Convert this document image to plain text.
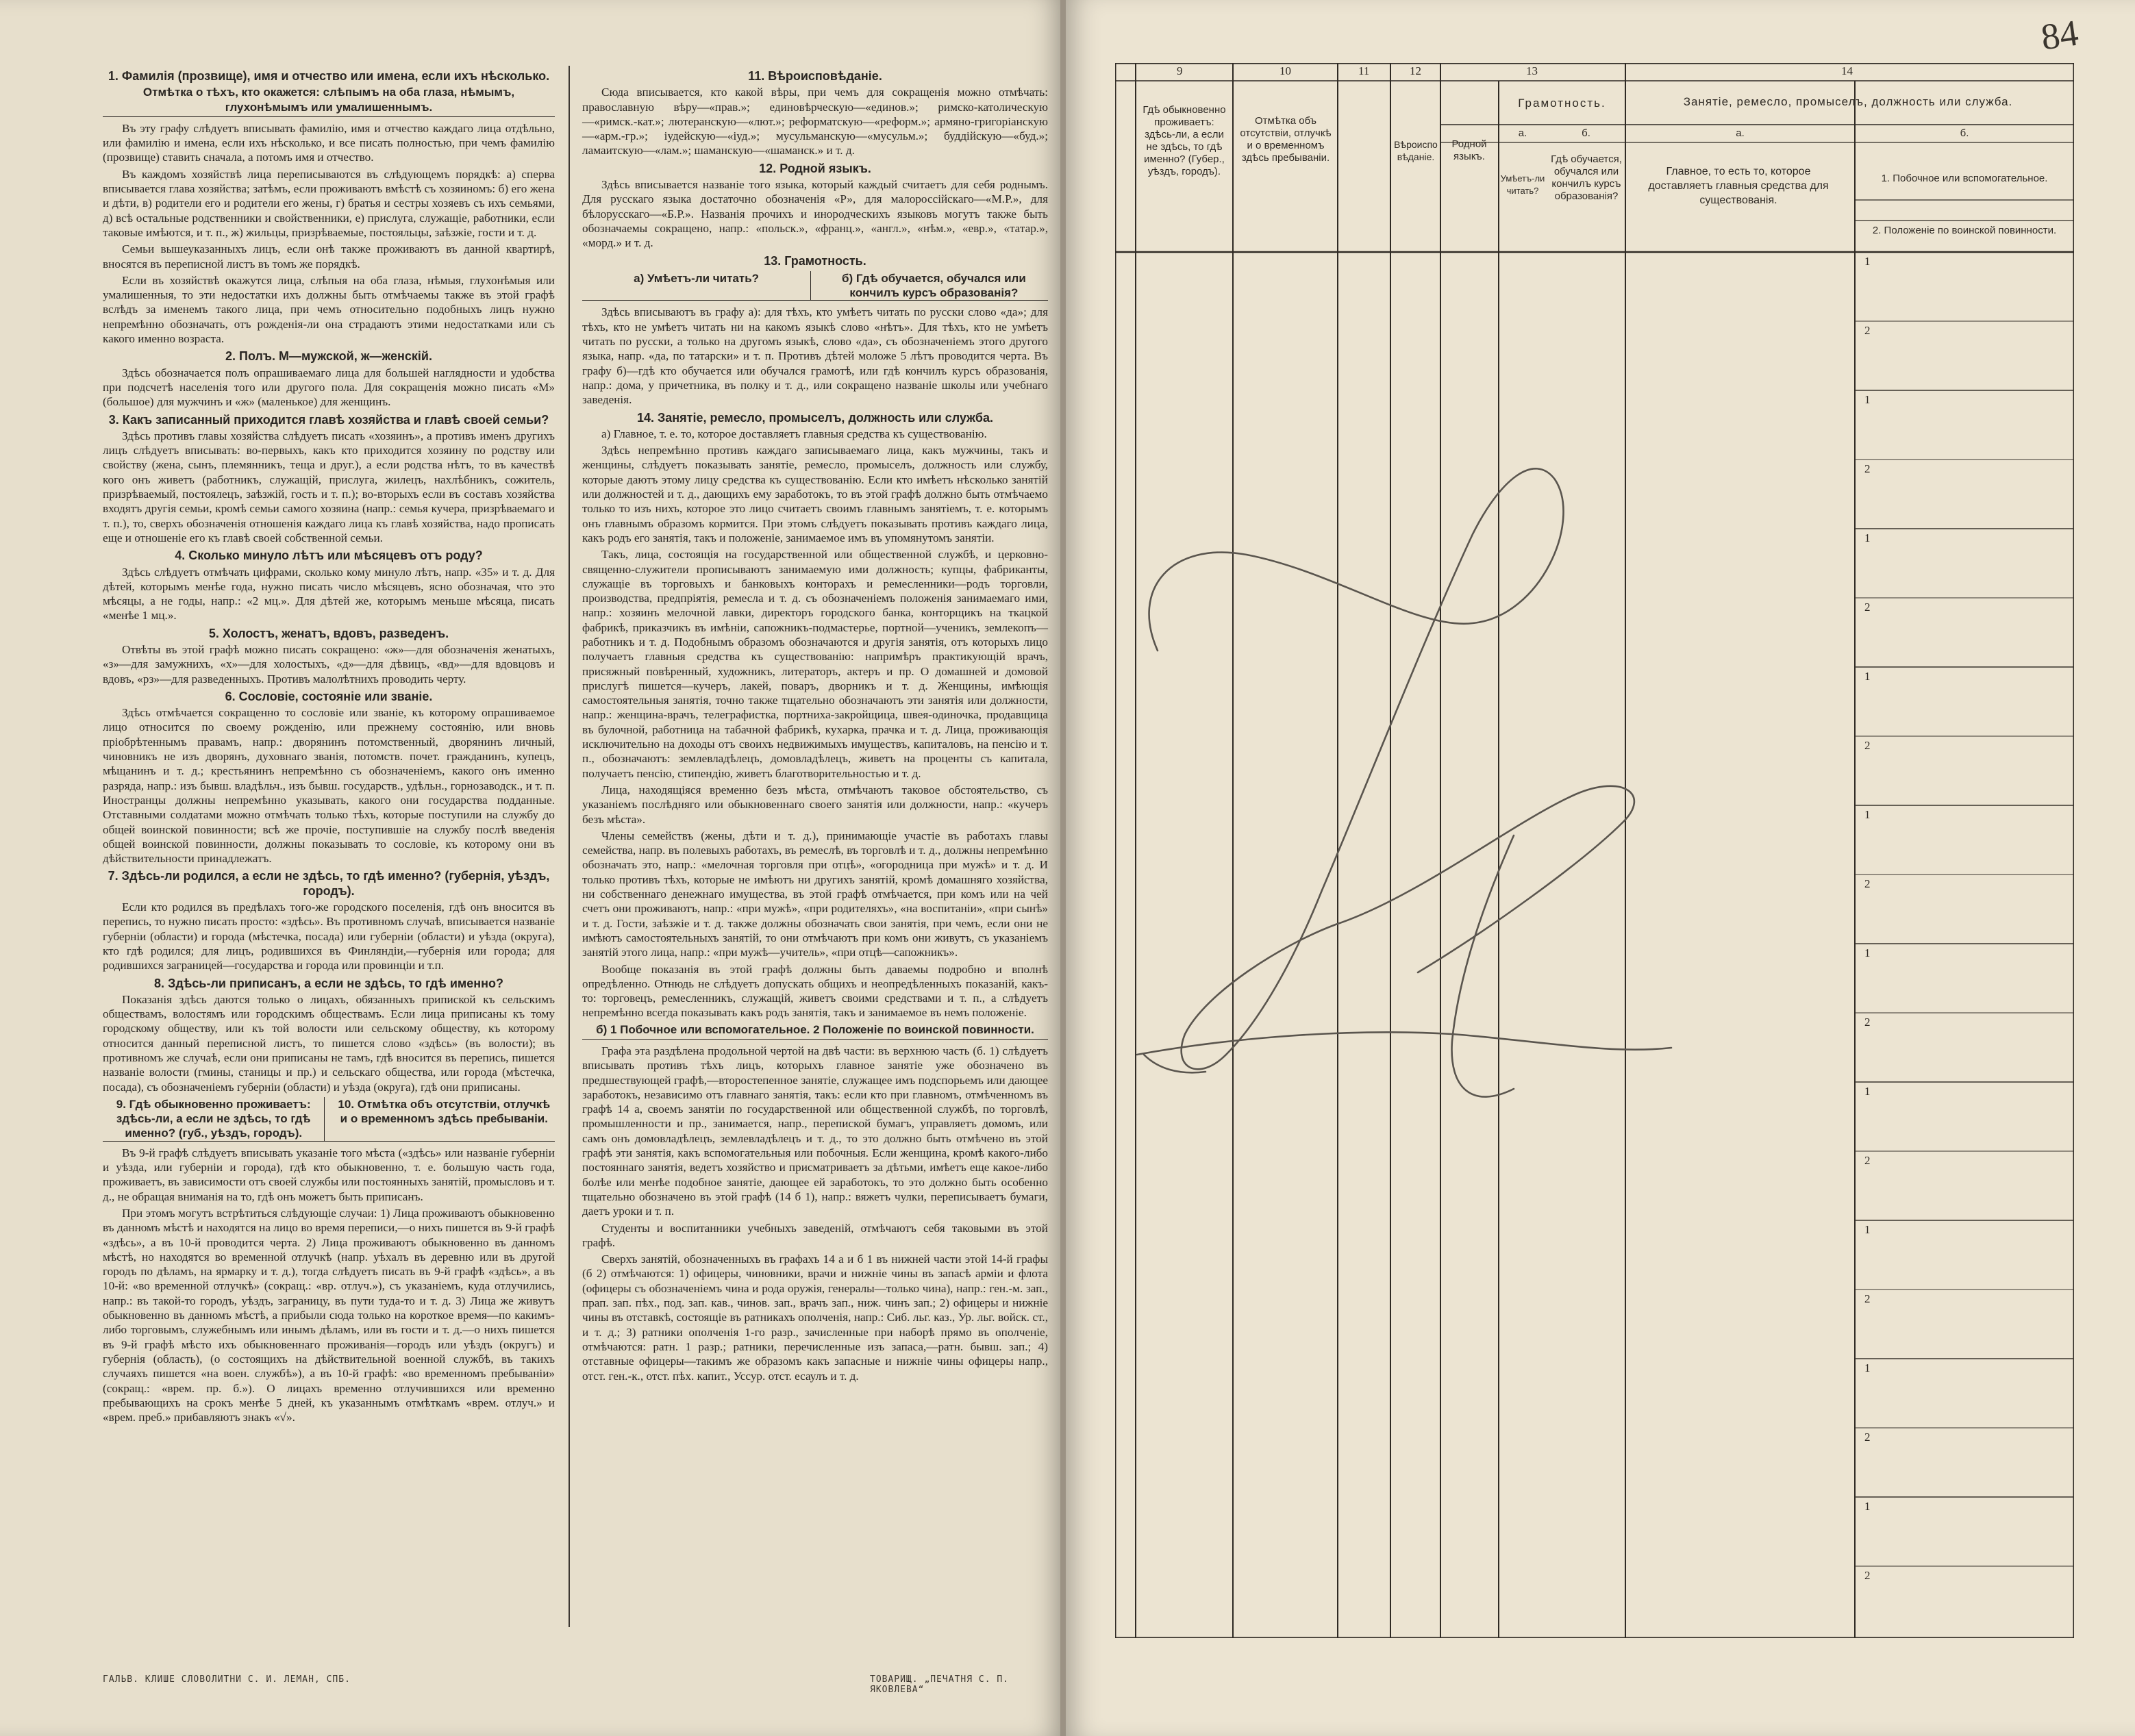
1. Фамилія (прозвище), имя и отчество или имена, если ихъ нѣсколько.
Отмѣтка о тѣхъ, кто окажется: слѣпымъ на оба глаза, нѣмымъ, глухонѣмымъ или умалишеннымъ.
Въ эту графу слѣдуетъ вписывать фамилію, имя и отчество каждаго лица отдѣльно, или фамилію и имена, если ихъ нѣсколько, и все писать полностью, при чемъ фамилію (прозвище) ставить сначала, а потомъ имя и отчество.
Въ каждомъ хозяйствѣ лица переписываются въ слѣдующемъ порядкѣ: а) сперва вписывается глава хозяйства; затѣмъ, если проживаютъ вмѣстѣ съ хозяиномъ: б) его жена и дѣти, в) родители его и родители его жены, г) братья и сестры хозяевъ съ ихъ семьями, д) всѣ остальные родственники и свойственники, е) прислуга, служащіе, работники, если таковые имѣются, и т. п., ж) жильцы, призрѣваемые, постояльцы, заѣзжіе, гости и т. д.
Семьи вышеуказанныхъ лицъ, если онѣ также проживаютъ въ данной квартирѣ, вносятся въ переписной листъ въ томъ же порядкѣ.
Если въ хозяйствѣ окажутся лица, слѣпыя на оба глаза, нѣмыя, глухонѣмыя или умалишенныя, то эти недостатки ихъ должны быть отмѣчаемы также въ этой графѣ вслѣдъ за именемъ такого лица, при чемъ относительно подобныхъ лицъ нужно непремѣнно обозначать, отъ рожденія-ли она страдаютъ этими недостатками или съ какого именно возраста.
2. Полъ. М—мужской, ж—женскій.
Здѣсь обозначается полъ опрашиваемаго лица для большей наглядности и удобства при подсчетѣ населенія того или другого пола. Для сокращенія можно писать «М» (большое) для мужчинъ и «ж» (маленькое) для женщинъ.
3. Какъ записанный приходится главѣ хозяйства и главѣ своей семьи?
Здѣсь противъ главы хозяйства слѣдуетъ писать «хозяинъ», а противъ именъ другихъ лицъ слѣдуетъ вписывать: во-первыхъ, какъ кто приходится хозяину по родству или свойству (жена, сынъ, племянникъ, теща и друг.), а если родства нѣтъ, то въ качествѣ кого онъ живетъ (работникъ, служащій, прислуга, жилецъ, нахлѣбникъ, сожитель, призрѣваемый, постоялецъ, заѣзжій, гость и т. п.); во-вторыхъ если въ составъ хозяйства входятъ другія семьи, кромѣ семьи самого хозяина (напр.: семья кучера, призрѣваемаго и т. п.), то, сверхъ обозначенія отношенія каждаго лица къ главѣ хозяйства, надо прописать еще и отношеніе его къ главѣ своей собственной семьи.
4. Сколько минуло лѣтъ или мѣсяцевъ отъ роду?
Здѣсь слѣдуетъ отмѣчать цифрами, сколько кому минуло лѣтъ, напр. «35» и т. д. Для дѣтей, которымъ менѣе года, нужно писать число мѣсяцевъ, ясно обозначая, что это мѣсяцы, а не годы, напр.: «2 мц.». Для дѣтей же, которымъ меньше мѣсяца, писать «менѣе 1 мц.».
5. Холостъ, женатъ, вдовъ, разведенъ.
Отвѣты въ этой графѣ можно писать сокращено: «ж»—для обозначенія женатыхъ, «з»—для замужнихъ, «х»—для холостыхъ, «д»—для дѣвицъ, «вд»—для вдовцовъ и вдовъ, «рз»—для разведенныхъ. Противъ малолѣтнихъ проводить черту.
6. Сословіе, состояніе или званіе.
Здѣсь отмѣчается сокращенно то сословіе или званіе, къ которому опрашиваемое лицо относится по своему рожденію, или прежнему состоянію, или вновь пріобрѣтеннымъ правамъ, напр.: дворянинъ потомственный, дворянинъ личный, чиновникъ не изъ дворянъ, духовнаго званія, потомств. почет. гражданинъ, купецъ, мѣщанинъ и т. д.; крестьянинъ непремѣнно съ обозначеніемъ, какого онъ именно разряда, напр.: изъ бывш. владѣльч., изъ бывш. государств., удѣльн., горнозаводск., и т. п. Иностранцы должны непремѣнно указывать, какого они государства подданные. Отставными солдатами можно отмѣчать только тѣхъ, которые поступили на службу до общей воинской повинности; всѣ же прочіе, поступившіе на службу послѣ введенія общей воинской повинности, должны показывать то сословіе, къ которому они въ дѣйствительности принадлежатъ.
7. Здѣсь-ли родился, а если не здѣсь, то гдѣ именно? (губернія, уѣздъ, городъ).
Если кто родился въ предѣлахъ того-же городского поселенія, гдѣ онъ вносится въ перепись, то нужно писать просто: «здѣсь». Въ противномъ случаѣ, вписывается названіе губерніи (области) и города (мѣстечка, посада) или губерніи (области) и уѣзда (округа), кто гдѣ родился; для лицъ, родившихся въ Финляндіи,—губернія или города; для родившихся заграницей—государства и города или провинціи и т.п.
8. Здѣсь-ли приписанъ, а если не здѣсь, то гдѣ именно?
Показанія здѣсь даются только о лицахъ, обязанныхъ припиской къ сельскимъ обществамъ, волостямъ или городскимъ обществамъ. Если лица приписаны къ тому городскому обществу, или къ той волости или сельскому обществу, къ которому относится данный переписной листъ, то пишется слово «здѣсь» (въ волости); въ противномъ же случаѣ, если они приписаны не тамъ, гдѣ вносится въ перепись, пишется названіе волости (гмины, станицы и пр.) и сельскаго общества, или города (мѣстечка, посада), съ обозначеніемъ губерніи (области) и уѣзда (округа), гдѣ они приписаны.
9. Гдѣ обыкновенно проживаетъ: здѣсь-ли, а если не здѣсь, то гдѣ именно? (губ., уѣздъ, городъ).
10. Отмѣтка объ отсутствіи, отлучкѣ и о временномъ здѣсь пребываніи.
Въ 9-й графѣ слѣдуетъ вписывать указаніе того мѣста («здѣсь» или названіе губерніи и уѣзда, или губерніи и города), гдѣ кто обыкновенно, т. е. большую часть года, проживаетъ, въ зависимости отъ своей службы или постоянныхъ занятій, промысловъ и т. д., не обращая вниманія на то, гдѣ онъ можетъ быть приписанъ.
При этомъ могутъ встрѣтиться слѣдующіе случаи: 1) Лица проживаютъ обыкновенно въ данномъ мѣстѣ и находятся на лицо во время переписи,—о нихъ пишется въ 9-й графѣ «здѣсь», а въ 10-й проводится черта. 2) Лица проживаютъ обыкновенно въ данномъ мѣстѣ, но находятся во временной отлучкѣ (напр. уѣхалъ въ деревню или въ другой городъ по дѣламъ, на ярмарку и т. д.), тогда слѣдуетъ писать въ 9-й графѣ «здѣсь», а въ 10-й: «во временной отлучкѣ» (сокращ.: «вр. отлуч.»), съ указаніемъ, куда отлучились, напр.: въ такой-то городъ, уѣздъ, заграницу, въ пути туда-то и т. д. 3) Лица же живутъ обыкновенно въ данномъ мѣстѣ, а прибыли сюда только на короткое время—по какимъ-либо торговымъ, служебнымъ или инымъ дѣламъ, или въ гости и т. д.—о нихъ пишется въ 9-й графѣ мѣсто ихъ обыкновеннаго проживанія—городъ или уѣздъ (округъ) и губернія (область), (о состоящихъ на дѣйствительной военной службѣ, въ такихъ случаяхъ пишется «на воен. службѣ»), а въ 10-й графѣ: «во временномъ пребываніи» (сокращ.: «врем. пр. б.»). О лицахъ временно отлучившихся или временно пребывающихъ на срокъ менѣе 5 дней, къ указаннымъ отмѣткамъ «врем. отлуч.» и «врем. преб.» прибавляютъ знакъ «√».
11. Вѣроисповѣданіе.
Сюда вписывается, кто какой вѣры, при чемъ для сокращенія можно отмѣчать: православную вѣру—«прав.»; единовѣрческую—«единов.»; римско-католическую—«римск.-кат.»; лютеранскую—«лют.»; реформатскую—«реформ.»; армяно-григоріанскую—«арм.-гр.»; іудейскую—«іуд.»; мусульманскую—«мусульм.»; буддійскую—«буд.»; ламаитскую—«лам.»; шаманскую—«шаманск.» и т. д.
12. Родной языкъ.
Здѣсь вписывается названіе того языка, который каждый считаетъ для себя роднымъ. Для русскаго языка достаточно обозначенія «Р», для малороссійскаго—«М.Р.», для бѣлорусскаго—«Б.Р.». Названія прочихъ и инородческихъ языковъ могутъ также быть обозначаемы сокращено, напр.: «польск.», «франц.», «англ.», «нѣм.», «евр.», «татар.», «морд.» и т. д.
13. Грамотность.
а) Умѣетъ-ли читать?	б) Гдѣ обучается, обучался или кончилъ курсъ образованія?
Здѣсь вписываютъ въ графу а): для тѣхъ, кто умѣетъ читать по русски слово «да»; для тѣхъ, кто не умѣетъ читать ни на какомъ языкѣ слово «нѣтъ». Для тѣхъ, кто не умѣетъ читать по русски, а только на другомъ языкѣ, слово «да», съ обозначеніемъ этого другого языка, напр. «да, по татарски» и т. п. Противъ дѣтей моложе 5 лѣтъ проводится черта. Въ графу б)—гдѣ кто обучается или обучался грамотѣ, или гдѣ кончилъ курсъ образованія, напр.: дома, у причетника, въ полку и т. д., или сокращено названіе школы или учебнаго заведенія.
14. Занятіе, ремесло, промыселъ, должность или служба.
а) Главное, т. е. то, которое доставляетъ главныя средства къ существованію.
Здѣсь непремѣнно противъ каждаго записываемаго лица, какъ мужчины, такъ и женщины, слѣдуетъ показывать занятіе, ремесло, промыселъ, должность или службу, которые даютъ этому лицу средства къ существованію. Если кто имѣетъ нѣсколько занятій или должностей и т. д., дающихъ ему заработокъ, то въ этой графѣ должно быть отмѣчаемо только то изъ нихъ, которое это лицо считаетъ своимъ главнымъ занятіемъ, т. е. которымъ онъ главнымъ образомъ кормится. При этомъ слѣдуетъ показывать противъ каждаго лица, какъ родъ его занятія, такъ и положеніе, занимаемое имъ въ упомянутомъ занятіи.
Такъ, лица, состоящія на государственной или общественной службѣ, и церковно-священно-служители прописываютъ занимаемую ими должность; купцы, фабриканты, служащіе въ торговыхъ и банковыхъ конторахъ и ремесленники—родъ торговли, производства, предпріятія, ремесла и т. д. съ обозначеніемъ положенія занимаемаго ими, напр.: хозяинъ мелочной лавки, директоръ городского банка, конторщикъ на ткацкой фабрикѣ, приказчикъ въ имѣніи, сапожникъ-подмастерье, портной—ученикъ, землекопъ—работникъ и т. д. Подобнымъ образомъ обозначаются и другія занятія, отъ которыхъ лицо получаетъ главныя средства къ существованію: напримѣръ практикующій врачъ, присяжный повѣренный, художникъ, литераторъ, актеръ и пр. О домашней и домовой прислугѣ пишется—кучеръ, лакей, поваръ, дворникъ и т. д. Женщины, имѣющія самостоятельныя занятія, точно также тщательно обозначаютъ эти занятія или должности, напр.: женщина-врачъ, телеграфистка, портниха-закройщица, швея-одиночка, продавщица въ булочной, работница на табачной фабрикѣ, кухарка, прачка и т. д. Лица, проживающія исключительно на доходы отъ своихъ недвижимыхъ имуществъ, капиталовъ, на пенсію и т. п., обозначаютъ: землевладѣлецъ, домовладѣлецъ, живетъ на проценты съ капитала, получаетъ пенсію, стипендію, живетъ благотворительностью и т. д.
Лица, находящіяся временно безъ мѣста, отмѣчаютъ таковое обстоятельство, съ указаніемъ послѣдняго или обыкновеннаго своего занятія или должности, напр.: «кучеръ безъ мѣста».
Члены семействъ (жены, дѣти и т. д.), принимающіе участіе въ работахъ главы семейства, напр. въ полевыхъ работахъ, въ ремеслѣ, въ торговлѣ и т. д., должны непремѣнно обозначать это, напр.: «мелочная торговля при отцѣ», «огородница при мужѣ» и т. д. И только противъ тѣхъ, которые не имѣютъ ни другихъ занятій, кромѣ домашняго хозяйства, ни собственнаго денежнаго имущества, въ этой графѣ отмѣчается, при комъ или на чей счетъ они проживаютъ, напр.: «при мужѣ», «при родителяхъ», «на воспитаніи», «при сынѣ» и т. д. Гости, заѣзжіе и т. д. также должны обозначать свои занятія, при чемъ, если они не имѣютъ самостоятельныхъ занятій, то они отмѣчаютъ при комъ они живутъ, съ указаніемъ занятій этого лица, напр.: «при мужѣ—учитель», «при отцѣ—сапожникъ».
Вообще показанія въ этой графѣ должны быть даваемы подробно и вполнѣ опредѣленно. Отнюдь не слѣдуетъ допускать общихъ и неопредѣленныхъ показаній, какъ-то: торговецъ, ремесленникъ, служащій, живетъ своими средствами и т. п., а слѣдуетъ непремѣнно всегда показывать какъ родъ занятія, такъ и занимаемое въ немъ положеніе.
б) 1 Побочное или вспомогательное. 2 Положеніе по воинской повинности.
Графа эта раздѣлена продольной чертой на двѣ части: въ верхнюю часть (б. 1) слѣдуетъ вписывать противъ тѣхъ лицъ, которыхъ главное занятіе уже обозначено въ предшествующей графѣ,—второстепенное занятіе, служащее имъ подспорьемъ или дающее заработокъ, независимо отъ главнаго занятія, такъ: если кто при главномъ, отмѣченномъ въ графѣ 14 а, своемъ занятіи по государственной или общественной службѣ, по торговлѣ, промышленности и пр., занимается, напр., перепиской бумагъ, управляетъ домомъ, или самъ онъ домовладѣлецъ, землевладѣлецъ и т. д., то это должно быть отмѣчено въ этой графѣ эти занятія, какъ вспомогательныя или побочныя. Если женщина, кромѣ какого-либо постояннаго занятія, ведетъ хозяйство и присматриваетъ за дѣтьми, имѣетъ еще какое-либо болѣе или менѣе подобное занятіе, дающее ей заработокъ, то это должно быть особенно тщательно обозначено въ этой графѣ (14 б 1), напр.: вяжетъ чулки, переписываетъ бумаги, даетъ уроки и т. п.
Студенты и воспитанники учебныхъ заведеній, отмѣчаютъ себя таковыми въ этой графѣ.
Сверхъ занятій, обозначенныхъ въ графахъ 14 а и б 1 въ нижней части этой 14-й графы (б 2) отмѣчаются: 1) офицеры, чиновники, врачи и нижніе чины въ запасѣ арміи и флота (офицеры съ обозначеніемъ чина и рода оружія, генералы—только чина), напр.: ген.-м. зап., прап. зап. пѣх., под. зап. кав., чинов. зап., врачъ зап., ниж. чинъ зап.; 2) офицеры и нижніе чины въ отставкѣ, состоящіе въ ратникахъ ополченія, напр.: Сиб. льг. каз., Ур. льг. войск. ст., и т. д.; 3) ратники ополченія 1-го разр., зачисленные при наборѣ прямо въ ополченіе, отмѣчаются: ратн. 1 разр.; ратники, перечисленные изъ запаса,—ратн. бывш. зап.; 4) отставные офицеры—такимъ же образомъ какъ запасные и нижніе чины офицеры напр., отст. ген.-к., отст. пѣх. капит., Уссур. отст. есаулъ и т. д.
ГАЛЬВ. КЛИШЕ СЛОВОЛИТНИ С. И. ЛЕМАН, СПБ.	ТОВАРИЩ. „ПЕЧАТНЯ С. П. ЯКОВЛЕВА“
84
9	10	11	12	13	14
Гдѣ обыкновенно проживаетъ: здѣсь-ли, а если не здѣсь, то гдѣ именно? (Губер., уѣздъ, городъ).
Отмѣтка объ отсутствіи, отлучкѣ и о временномъ здѣсь пребываніи.
Вѣроисповѣданіе.
Родной языкъ.
Грамотность.
а.	б.
Умѣетъ-ли читать?
Гдѣ обучается, обучался или кончилъ курсъ образованія?
Занятіе, ремесло, промыселъ, должность или служба.
а.	б.
Главное, то есть то, которое доставляетъ главныя средства для существованія.
1. Побочное или вспомогательное.
2. Положеніе по воинской повинности.
1
2
1
2
1
2
1
2
1
2
1
2
1
2
1
2
1
2
1
2
